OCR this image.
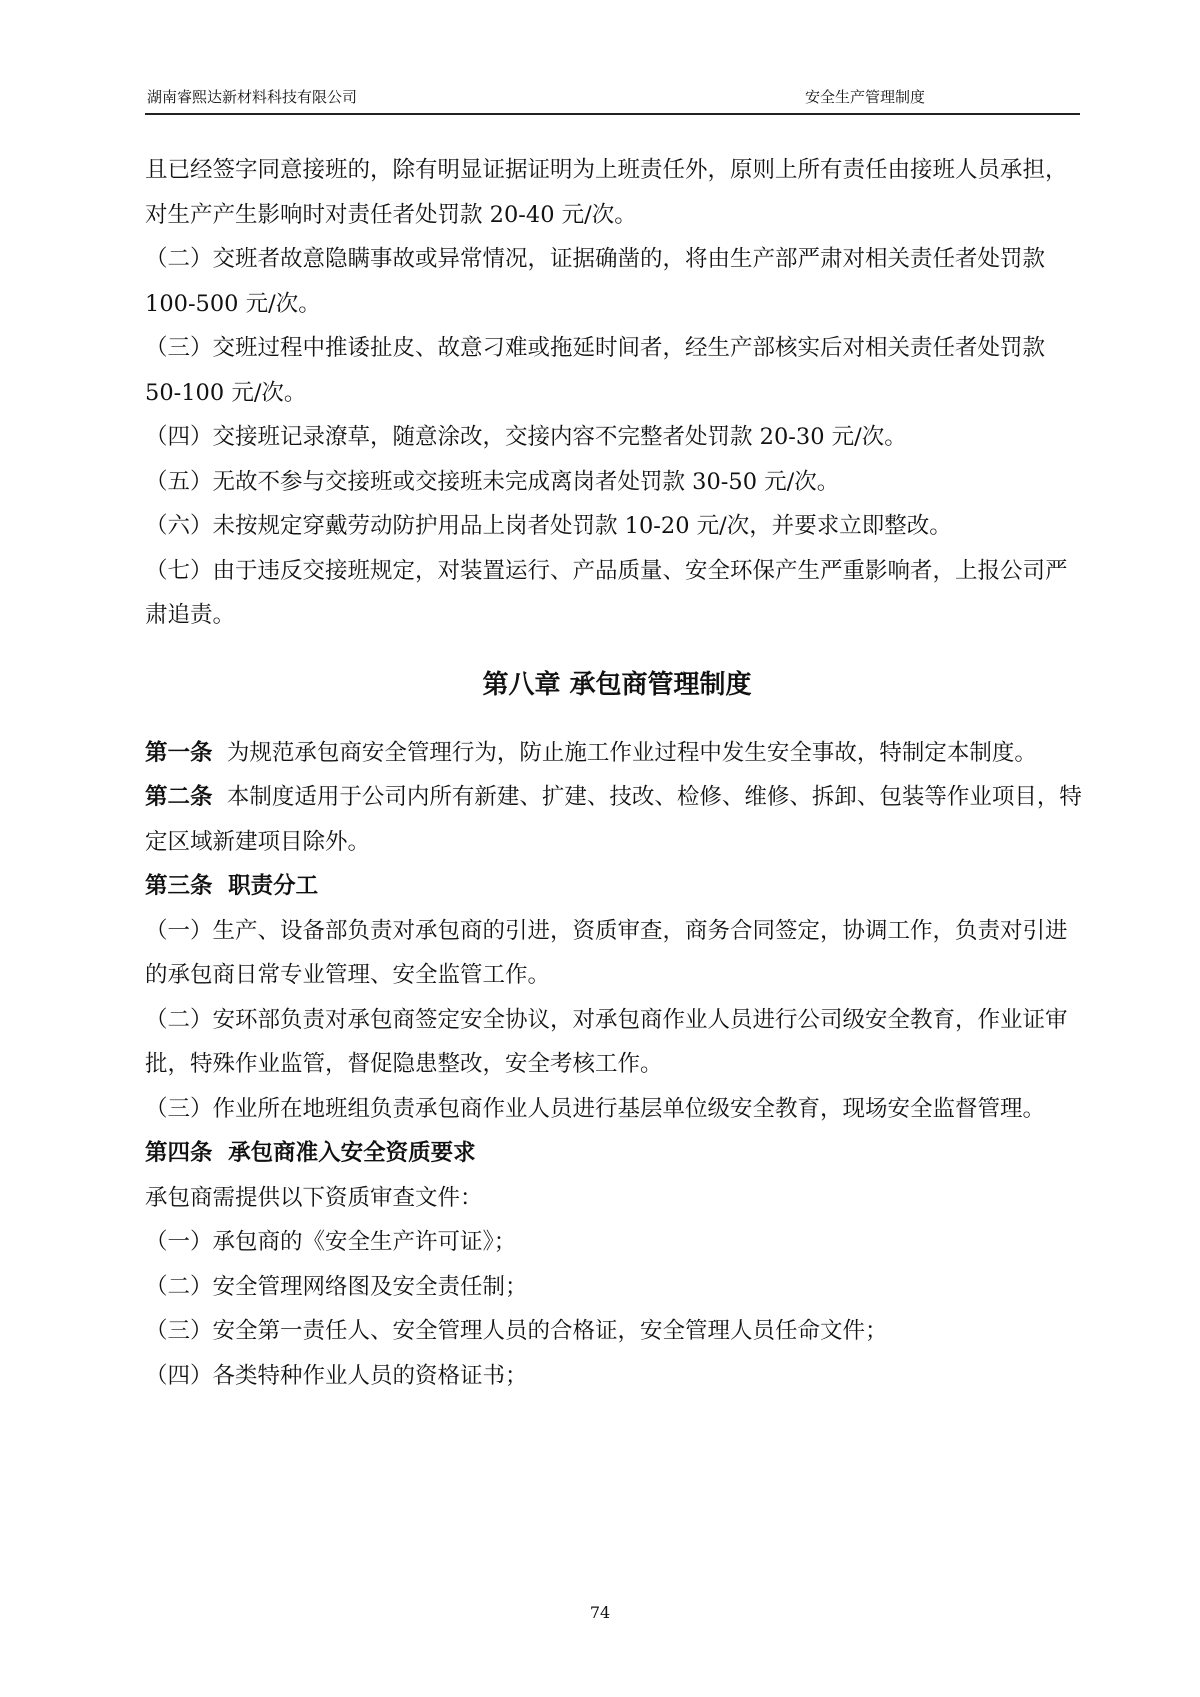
湖南睿熙达新材料科技有限公司	安全生产管理制度

且已经签字同意接班的，除有明显证据证明为上班责任外，原则上所有责任由接班人员承担，对生产产生影响时对责任者处罚款 20-40 元/次。

（二）交班者故意隐瞒事故或异常情况，证据确凿的，将由生产部严肃对相关责任者处罚款 100-500 元/次。

（三）交班过程中推诿扯皮、故意刁难或拖延时间者，经生产部核实后对相关责任者处罚款 50-100 元/次。

（四）交接班记录潦草，随意涂改，交接内容不完整者处罚款 20-30 元/次。

（五）无故不参与交接班或交接班未完成离岗者处罚款 30-50 元/次。

（六）未按规定穿戴劳动防护用品上岗者处罚款 10-20 元/次，并要求立即整改。

（七）由于违反交接班规定，对装置运行、产品质量、安全环保产生严重影响者，上报公司严肃追责。

第八章 承包商管理制度

第一条  为规范承包商安全管理行为，防止施工作业过程中发生安全事故，特制定本制度。

第二条  本制度适用于公司内所有新建、扩建、技改、检修、维修、拆卸、包装等作业项目，特定区域新建项目除外。

第三条  职责分工

（一）生产、设备部负责对承包商的引进，资质审查，商务合同签定，协调工作，负责对引进的承包商日常专业管理、安全监管工作。

（二）安环部负责对承包商签定安全协议，对承包商作业人员进行公司级安全教育，作业证审批，特殊作业监管，督促隐患整改，安全考核工作。

（三）作业所在地班组负责承包商作业人员进行基层单位级安全教育，现场安全监督管理。

第四条  承包商准入安全资质要求

承包商需提供以下资质审查文件：

（一）承包商的《安全生产许可证》；

（二）安全管理网络图及安全责任制；

（三）安全第一责任人、安全管理人员的合格证，安全管理人员任命文件；

（四）各类特种作业人员的资格证书；

74
